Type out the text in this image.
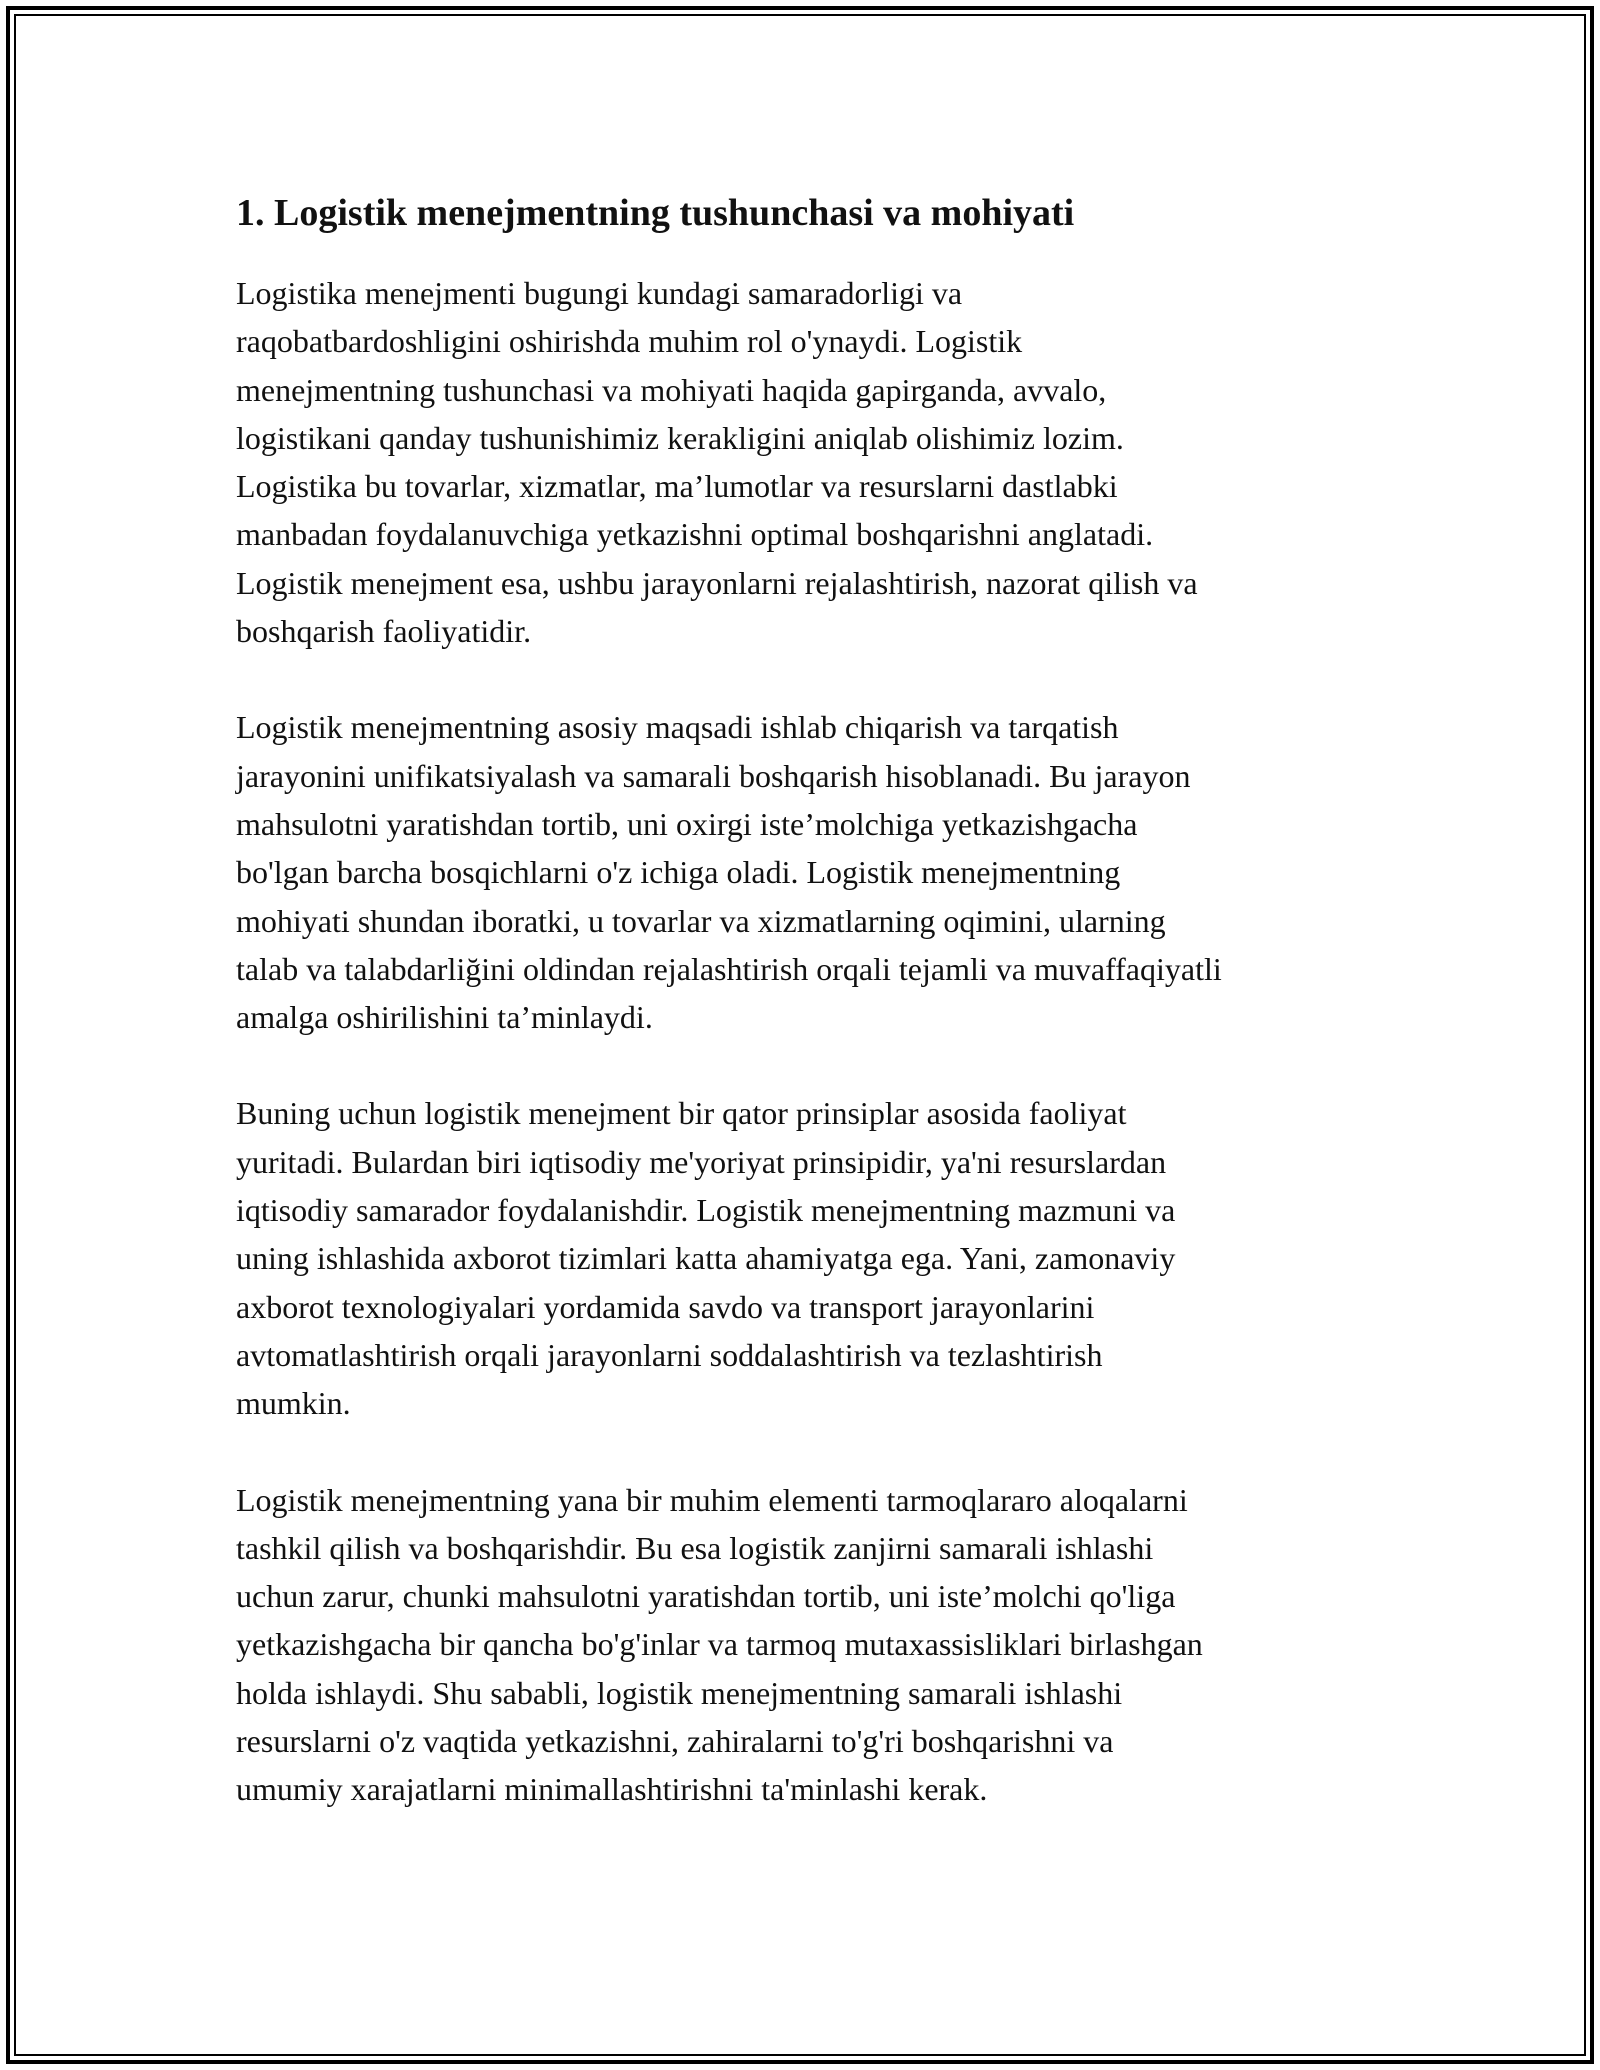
1. Logistik menejmentning tushunchasi va mohiyati

Logistika menejmenti bugungi kundagi samaradorligi va
raqobatbardoshligini oshirishda muhim rol o'ynaydi. Logistik
menejmentning tushunchasi va mohiyati haqida gapirganda, avvalo,
logistikani qanday tushunishimiz kerakligini aniqlab olishimiz lozim.
Logistika bu tovarlar, xizmatlar, ma’lumotlar va resurslarni dastlabki
manbadan foydalanuvchiga yetkazishni optimal boshqarishni anglatadi.
Logistik menejment esa, ushbu jarayonlarni rejalashtirish, nazorat qilish va
boshqarish faoliyatidir.

Logistik menejmentning asosiy maqsadi ishlab chiqarish va tarqatish
jarayonini unifikatsiyalash va samarali boshqarish hisoblanadi. Bu jarayon
mahsulotni yaratishdan tortib, uni oxirgi iste’molchiga yetkazishgacha
bo'lgan barcha bosqichlarni o'z ichiga oladi. Logistik menejmentning
mohiyati shundan iboratki, u tovarlar va xizmatlarning oqimini, ularning
talab va talabdarliğini oldindan rejalashtirish orqali tejamli va muvaffaqiyatli
amalga oshirilishini ta’minlaydi.

Buning uchun logistik menejment bir qator prinsiplar asosida faoliyat
yuritadi. Bulardan biri iqtisodiy me'yoriyat prinsipidir, ya'ni resurslardan
iqtisodiy samarador foydalanishdir. Logistik menejmentning mazmuni va
uning ishlashida axborot tizimlari katta ahamiyatga ega. Yani, zamonaviy
axborot texnologiyalari yordamida savdo va transport jarayonlarini
avtomatlashtirish orqali jarayonlarni soddalashtirish va tezlashtirish
mumkin.

Logistik menejmentning yana bir muhim elementi tarmoqlararo aloqalarni
tashkil qilish va boshqarishdir. Bu esa logistik zanjirni samarali ishlashi
uchun zarur, chunki mahsulotni yaratishdan tortib, uni iste’molchi qo'liga
yetkazishgacha bir qancha bo'g'inlar va tarmoq mutaxassisliklari birlashgan
holda ishlaydi. Shu sababli, logistik menejmentning samarali ishlashi
resurslarni o'z vaqtida yetkazishni, zahiralarni to'g'ri boshqarishni va
umumiy xarajatlarni minimallashtirishni ta'minlashi kerak.
